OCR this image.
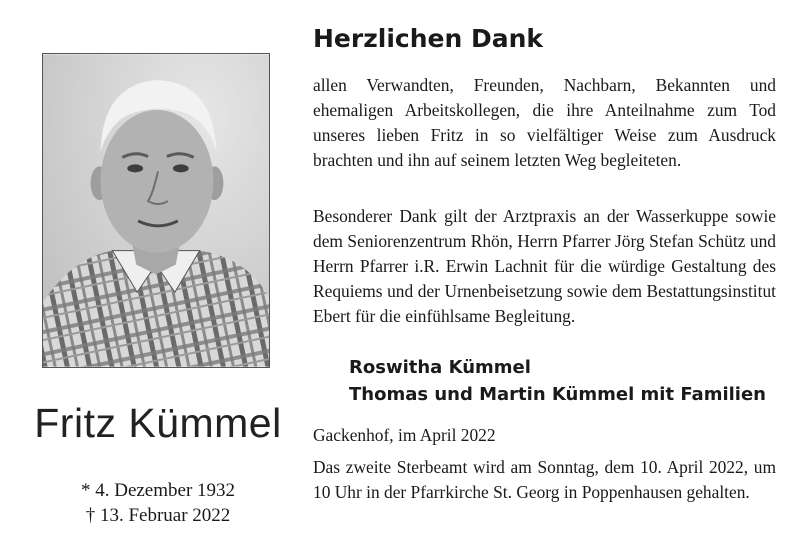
Fritz Kümmel
* 4. Dezember 1932
† 13. Februar 2022
Herzlichen Dank
allen Verwandten, Freunden, Nachbarn, Bekannten und ehemaligen Arbeitskollegen, die ihre Anteilnahme zum Tod unseres lieben Fritz in so vielfältiger Weise zum Ausdruck brachten und ihn auf seinem letzten Weg begleiteten.
Besonderer Dank gilt der Arztpraxis an der Wasserkuppe sowie dem Seniorenzentrum Rhön, Herrn Pfarrer Jörg Stefan Schütz und Herrn Pfarrer i.R. Erwin Lachnit für die würdige Gestaltung des Requiems und der Urnenbeisetzung sowie dem Bestattungsinstitut Ebert für die einfühlsame Begleitung.
Roswitha Kümmel
Thomas und Martin Kümmel mit Familien
Gackenhof, im April 2022
Das zweite Sterbeamt wird am Sonntag, dem 10. April 2022, um 10 Uhr in der Pfarrkirche St. Georg in Poppenhausen gehalten.
